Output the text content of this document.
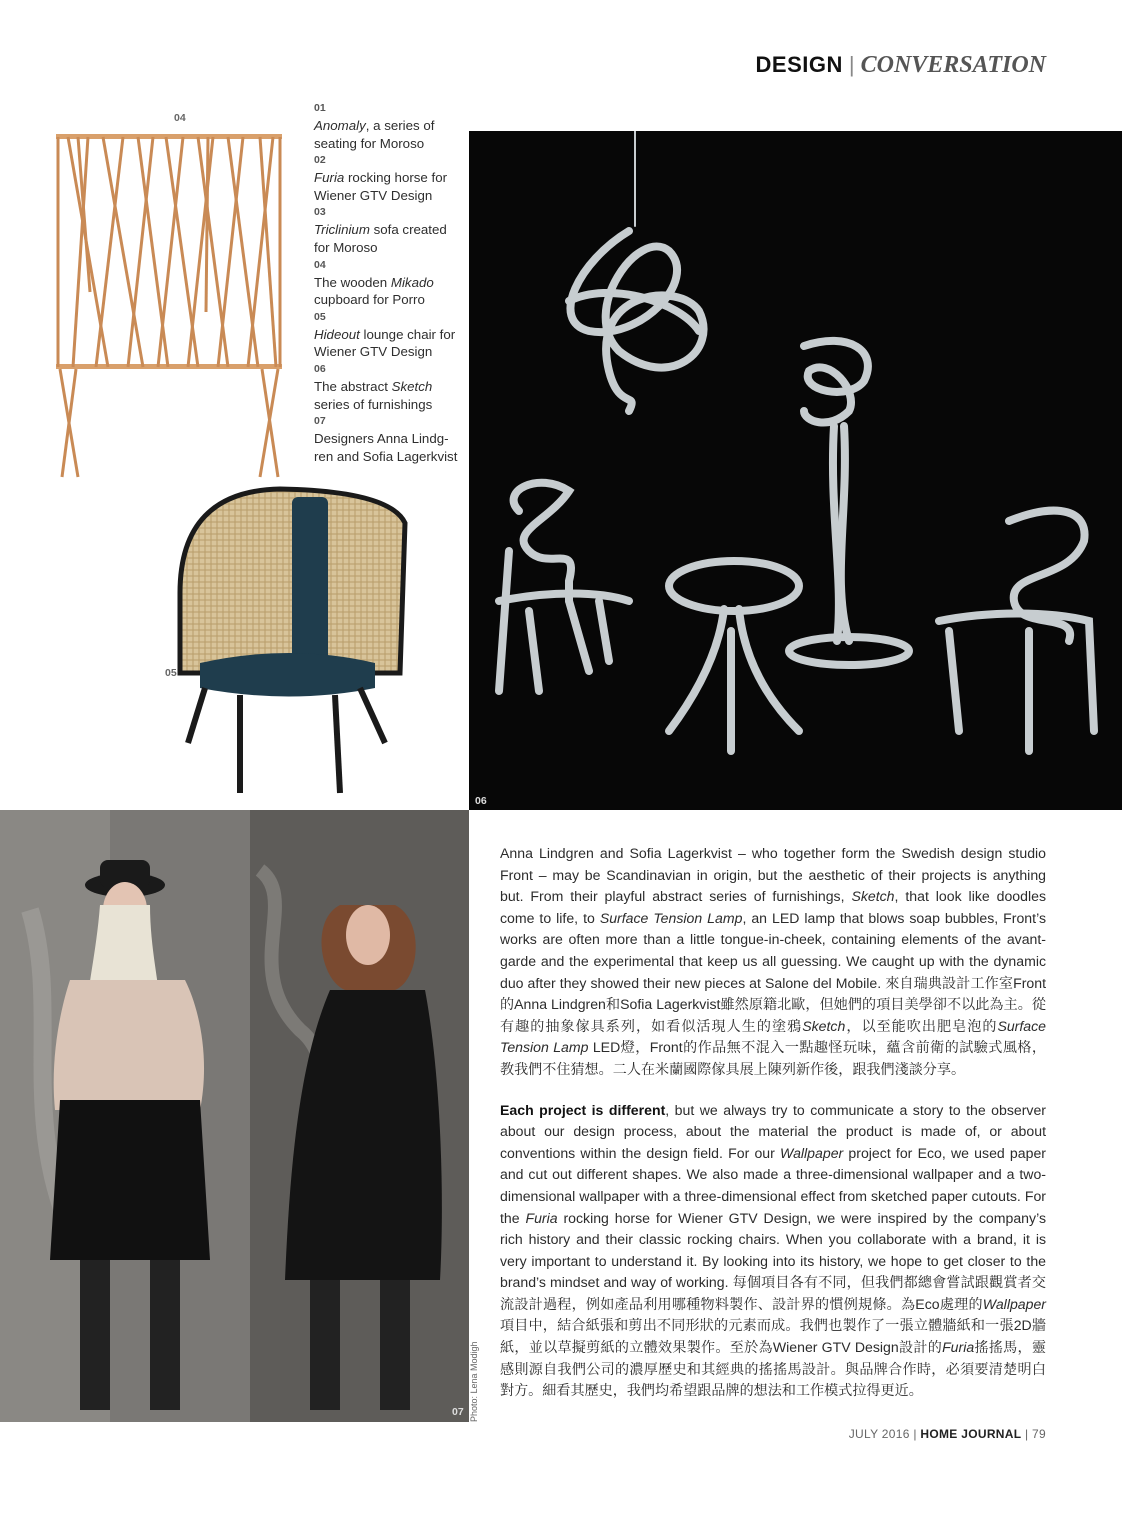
DESIGN | CONVERSATION
04
01
Anomaly, a series of seating for Moroso
02
Furia rocking horse for Wiener GTV Design
03
Triclinium sofa created for Moroso
04
The wooden Mikado cupboard for Porro
05
Hideout lounge chair for Wiener GTV Design
06
The abstract Sketch series of furnishings
07
Designers Anna Lindg-ren and Sofia Lagerkvist
05
06
07 Photo: Lena Modigh

Anna Lindgren and Sofia Lagerkvist – who together form the Swedish design studio Front – may be Scandinavian in origin, but the aesthetic of their projects is anything but. From their playful abstract series of furnishings, Sketch, that look like doodles come to life, to Surface Tension Lamp, an LED lamp that blows soap bubbles, Front’s works are often more than a little tongue-in-cheek, containing elements of the avant-garde and the experimental that keep us all guessing. We caught up with the dynamic duo after they showed their new pieces at Salone del Mobile. 來自瑞典設計工作室Front的Anna Lindgren和Sofia Lagerkvist雖然原籍北歐，但她們的項目美學卻不以此為主。從有趣的抽象傢具系列，如看似活現人生的塗鴉Sketch，以至能吹出肥皂泡的Surface Tension Lamp LED燈，Front的作品無不混入一點趣怪玩味，蘊含前衛的試驗式風格，教我們不住猜想。二人在米蘭國際傢具展上陳列新作後，跟我們淺談分享。

Each project is different, but we always try to communicate a story to the observer about our design process, about the material the product is made of, or about conventions within the design field. For our Wallpaper project for Eco, we used paper and cut out different shapes. We also made a three-dimensional wallpaper and a two-dimensional wallpaper with a three-dimensional effect from sketched paper cutouts. For the Furia rocking horse for Wiener GTV Design, we were inspired by the company’s rich history and their classic rocking chairs. When you collaborate with a brand, it is very important to understand it. By looking into its history, we hope to get closer to the brand’s mindset and way of working. 每個項目各有不同，但我們都總會嘗試跟觀賞者交流設計過程，例如產品利用哪種物料製作、設計界的慣例規條。為Eco處理的Wallpaper項目中，結合紙張和剪出不同形狀的元素而成。我們也製作了一張立體牆紙和一張2D牆紙，並以草擬剪紙的立體效果製作。至於為Wiener GTV Design設計的Furia搖搖馬，靈感則源自我們公司的濃厚歷史和其經典的搖搖馬設計。與品牌合作時，必須要清楚明白對方。細看其歷史，我們均希望跟品牌的想法和工作模式拉得更近。

JULY 2016 | HOME JOURNAL | 79
